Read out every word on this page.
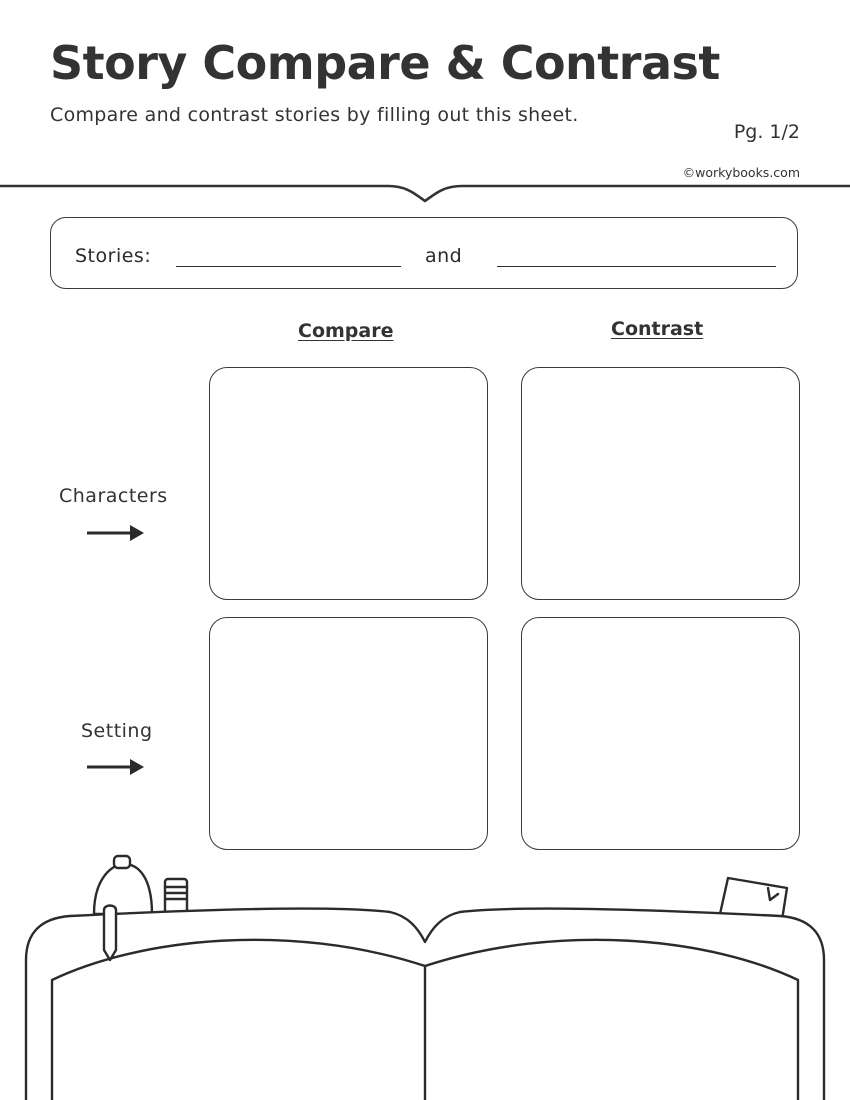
Story Compare & Contrast
Compare and contrast stories by filling out this sheet.
Pg. 1/2
©workybooks.com
Stories:	and
Compare	Contrast
Characters
Setting
